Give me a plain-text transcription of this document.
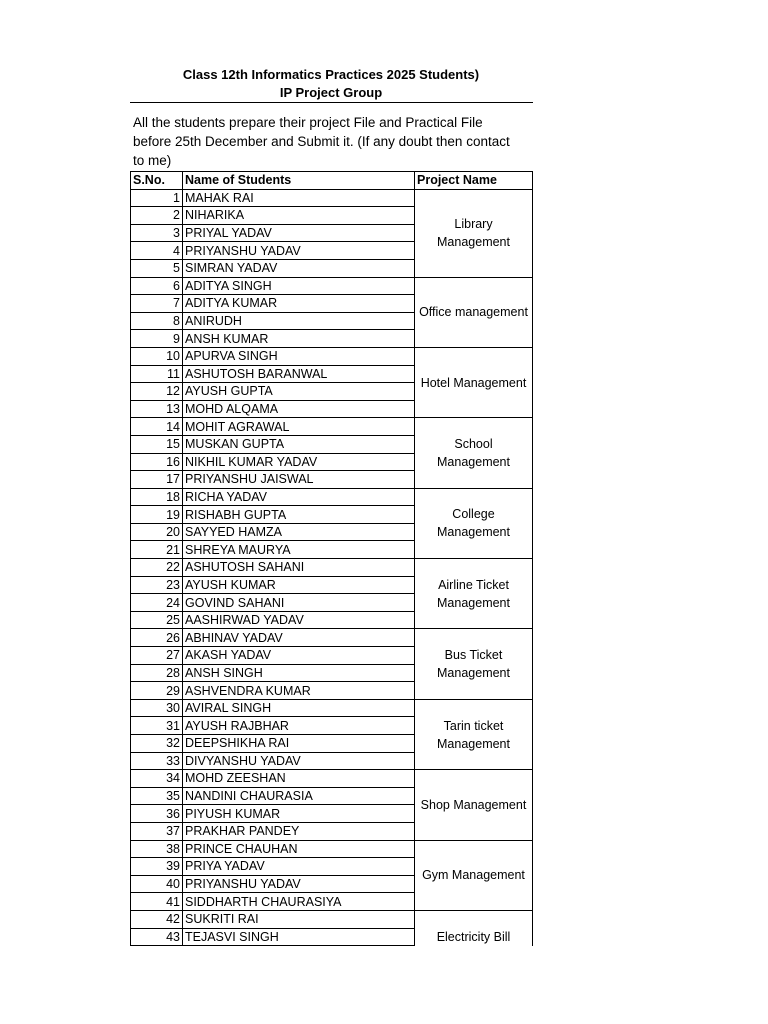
Class 12th Informatics Practices 2025 Students)
IP Project Group
All the students prepare their project File and Practical File before 25th December and Submit it. (If any doubt then contact to me)
S.No.	Name of Students	Project Name
1	MAHAK RAI	Library Management
2	NIHARIKA	
3	PRIYAL YADAV	
4	PRIYANSHU YADAV	
5	SIMRAN YADAV	
6	ADITYA SINGH	Office management
7	ADITYA KUMAR	
8	ANIRUDH	
9	ANSH KUMAR	
10	APURVA SINGH	Hotel Management
11	ASHUTOSH BARANWAL	
12	AYUSH GUPTA	
13	MOHD ALQAMA	
14	MOHIT AGRAWAL	School Management
15	MUSKAN GUPTA	
16	NIKHIL KUMAR YADAV	
17	PRIYANSHU JAISWAL	
18	RICHA YADAV	College Management
19	RISHABH GUPTA	
20	SAYYED HAMZA	
21	SHREYA MAURYA	
22	ASHUTOSH SAHANI	Airline Ticket Management
23	AYUSH KUMAR	
24	GOVIND SAHANI	
25	AASHIRWAD YADAV	
26	ABHINAV YADAV	Bus Ticket Management
27	AKASH YADAV	
28	ANSH SINGH	
29	ASHVENDRA KUMAR	
30	AVIRAL SINGH	Tarin ticket Management
31	AYUSH RAJBHAR	
32	DEEPSHIKHA RAI	
33	DIVYANSHU YADAV	
34	MOHD ZEESHAN	Shop Management
35	NANDINI CHAURASIA	
36	PIYUSH KUMAR	
37	PRAKHAR PANDEY	
38	PRINCE CHAUHAN	Gym Management
39	PRIYA YADAV	
40	PRIYANSHU YADAV	
41	SIDDHARTH CHAURASIYA	
42	SUKRITI RAI	Electricity Bill
43	TEJASVI SINGH	
